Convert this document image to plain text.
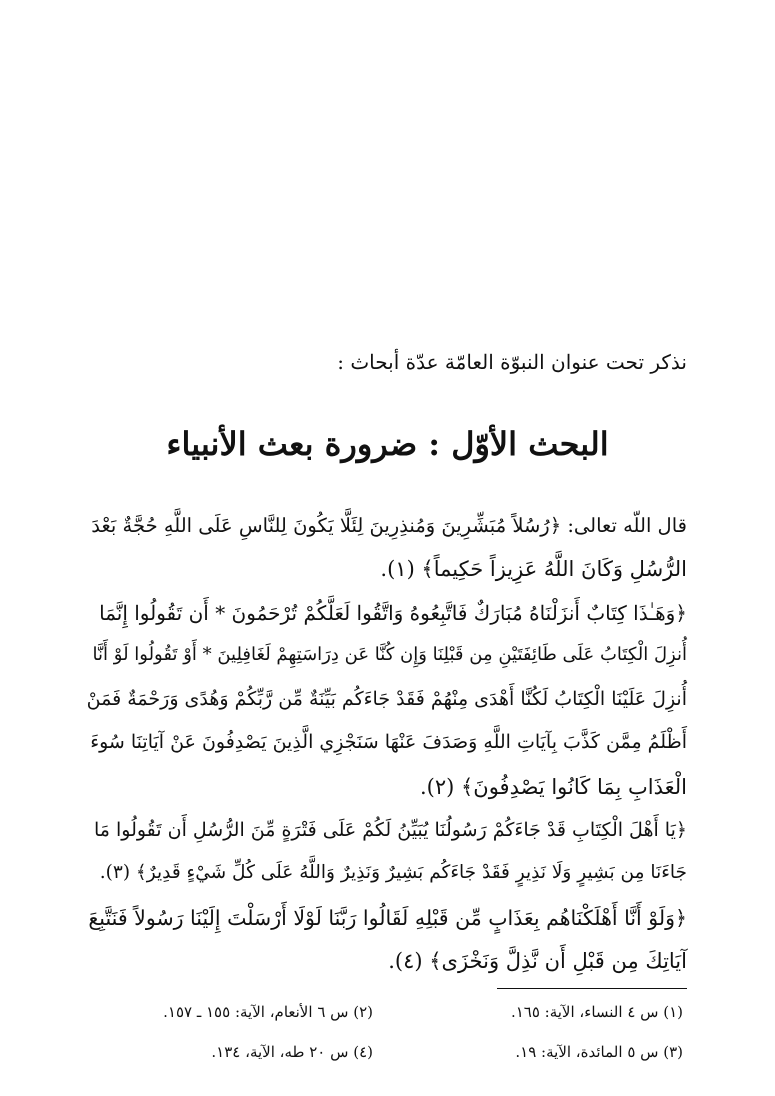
نذكر تحت عنوان النبوّة العامّة عدّة أبحاث :
البحث الأوّل : ضرورة بعث الأنبياء
قال اللّه تعالى: ﴿رُسُلاً مُبَشِّرِينَ وَمُنذِرِينَ لِئَلَّا يَكُونَ لِلنَّاسِ عَلَى اللَّهِ حُجَّةٌ بَعْدَ
الرُّسُلِ وَكَانَ اللَّهُ عَزِيزاً حَكِيماً﴾ (١).
﴿وَهَـٰذَا كِتَابٌ أَنزَلْنَاهُ مُبَارَكٌ فَاتَّبِعُوهُ وَاتَّقُوا لَعَلَّكُمْ تُرْحَمُونَ * أَن تَقُولُوا إِنَّمَا
أُنزِلَ الْكِتَابُ عَلَى طَائِفَتَيْنِ مِن قَبْلِنَا وَإِن كُنَّا عَن دِرَاسَتِهِمْ لَغَافِلِينَ * أَوْ تَقُولُوا لَوْ أَنَّا
أُنزِلَ عَلَيْنَا الْكِتَابُ لَكُنَّا أَهْدَى مِنْهُمْ فَقَدْ جَاءَكُم بَيِّنَةٌ مِّن رَّبِّكُمْ وَهُدًى وَرَحْمَةٌ فَمَنْ
أَظْلَمُ مِمَّن كَذَّبَ بِآيَاتِ اللَّهِ وَصَدَفَ عَنْهَا سَنَجْزِي الَّذِينَ يَصْدِفُونَ عَنْ آيَاتِنَا سُوءَ
الْعَذَابِ بِمَا كَانُوا يَصْدِفُونَ﴾ (٢).
﴿يَا أَهْلَ الْكِتَابِ قَدْ جَاءَكُمْ رَسُولُنَا يُبَيِّنُ لَكُمْ عَلَى فَتْرَةٍ مِّنَ الرُّسُلِ أَن تَقُولُوا مَا
جَاءَنَا مِن بَشِيرٍ وَلَا نَذِيرٍ فَقَدْ جَاءَكُم بَشِيرٌ وَنَذِيرٌ وَاللَّهُ عَلَى كُلِّ شَيْءٍ قَدِيرٌ﴾ (٣).
﴿وَلَوْ أَنَّا أَهْلَكْنَاهُم بِعَذَابٍ مِّن قَبْلِهِ لَقَالُوا رَبَّنَا لَوْلَا أَرْسَلْتَ إِلَيْنَا رَسُولاً فَنَتَّبِعَ
آيَاتِكَ مِن قَبْلِ أَن نَّذِلَّ وَنَخْزَى﴾ (٤).
(١) س ٤ النساء، الآية: ١٦٥.
(٢) س ٦ الأنعام، الآية: ١٥٥ ـ ١٥٧.
(٣) س ٥ المائدة، الآية: ١٩.
(٤) س ٢٠ طه، الآية، ١٣٤.
